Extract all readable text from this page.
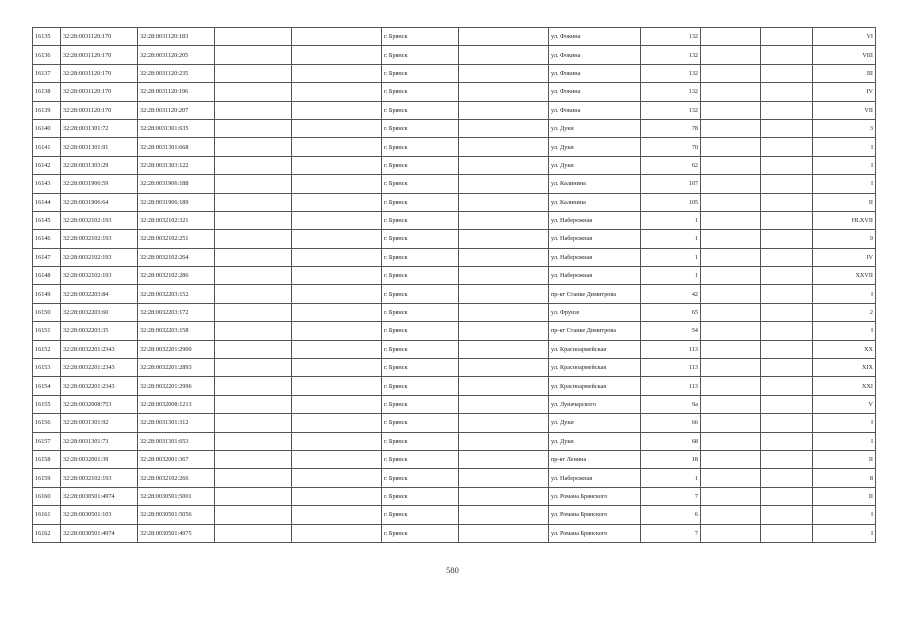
16135	32:28:0031120:170	32:28:0031120:183			г. Брянск		ул. Фокина	132			VI
16136	32:28:0031120:170	32:28:0031120:205			г. Брянск		ул. Фокина	132			VIII
16137	32:28:0031120:170	32:28:0031120:235			г. Брянск		ул. Фокина	132			III
16138	32:28:0031120:170	32:28:0031120:196			г. Брянск		ул. Фокина	132			IV
16139	32:28:0031120:170	32:28:0031120:207			г. Брянск		ул. Фокина	132			VII
16140	32:28:0031301:72	32:28:0031301:635			г. Брянск		ул. Дуки	78			3
16141	32:28:0031301:91	32:28:0031301:668			г. Брянск		ул. Дуки	70			I
16142	32:28:0031303:29	32:28:0031303:122			г. Брянск		ул. Дуки	62			I
16143	32:28:0031906:59	32:28:0031906:188			г. Брянск		ул. Калинина	107			I
16144	32:28:0031906:64	32:28:0031906:189			г. Брянск		ул. Калинина	105			II
16145	32:28:0032102:193	32:28:0032102:321			г. Брянск		ул. Набережная	1			HLXVII
16146	32:28:0032102:193	32:28:0032102:251			г. Брянск		ул. Набережная	1			9
16147	32:28:0032102:193	32:28:0032102:264			г. Брянск		ул. Набережная	1			IV
16148	32:28:0032102:193	32:28:0032102:286			г. Брянск		ул. Набережная	1			XXVII
16149	32:28:0032203:84	32:28:0032203:152			г. Брянск		пр-кт Станке Димитрова	42			I
16150	32:28:0032203:60	32:28:0032203:172			г. Брянск		ул. Фрунзе	65			2
16151	32:28:0032203:35	32:28:0032203:158			г. Брянск		пр-кт Станке Димитрова	54			I
16152	32:28:0032201:2343	32:28:0032201:2900			г. Брянск		ул. Красноармейская	113			XX
16153	32:28:0032201:2343	32:28:0032201:2893			г. Брянск		ул. Красноармейская	113			XIX
16154	32:28:0032201:2343	32:28:0032201:2996			г. Брянск		ул. Красноармейская	113			XXI
16155	32:28:0032008:753	32:28:0032008:1213			г. Брянск		ул. Луначарского	9а			V
16156	32:28:0031301:92	32:28:0031301:312			г. Брянск		ул. Дуки	66			I
16157	32:28:0031301:73	32:28:0031301:653			г. Брянск		ул. Дуки	68			I
16158	32:28:0032001:39	32:28:0032001:367			г. Брянск		пр-кт Ленина	18			II
16159	32:28:0032102:193	32:28:0032102:266			г. Брянск		ул. Набережная	1			8
16160	32:28:0030501:4974	32:28:0030501:5001			г. Брянск		ул. Романа Брянского	7			II
16161	32:28:0030501:103	32:28:0030501:5056			г. Брянск		ул. Романа Брянского	6			I
16162	32:28:0030501:4974	32:28:0030501:4975			г. Брянск		ул. Романа Брянского	7			I
580
